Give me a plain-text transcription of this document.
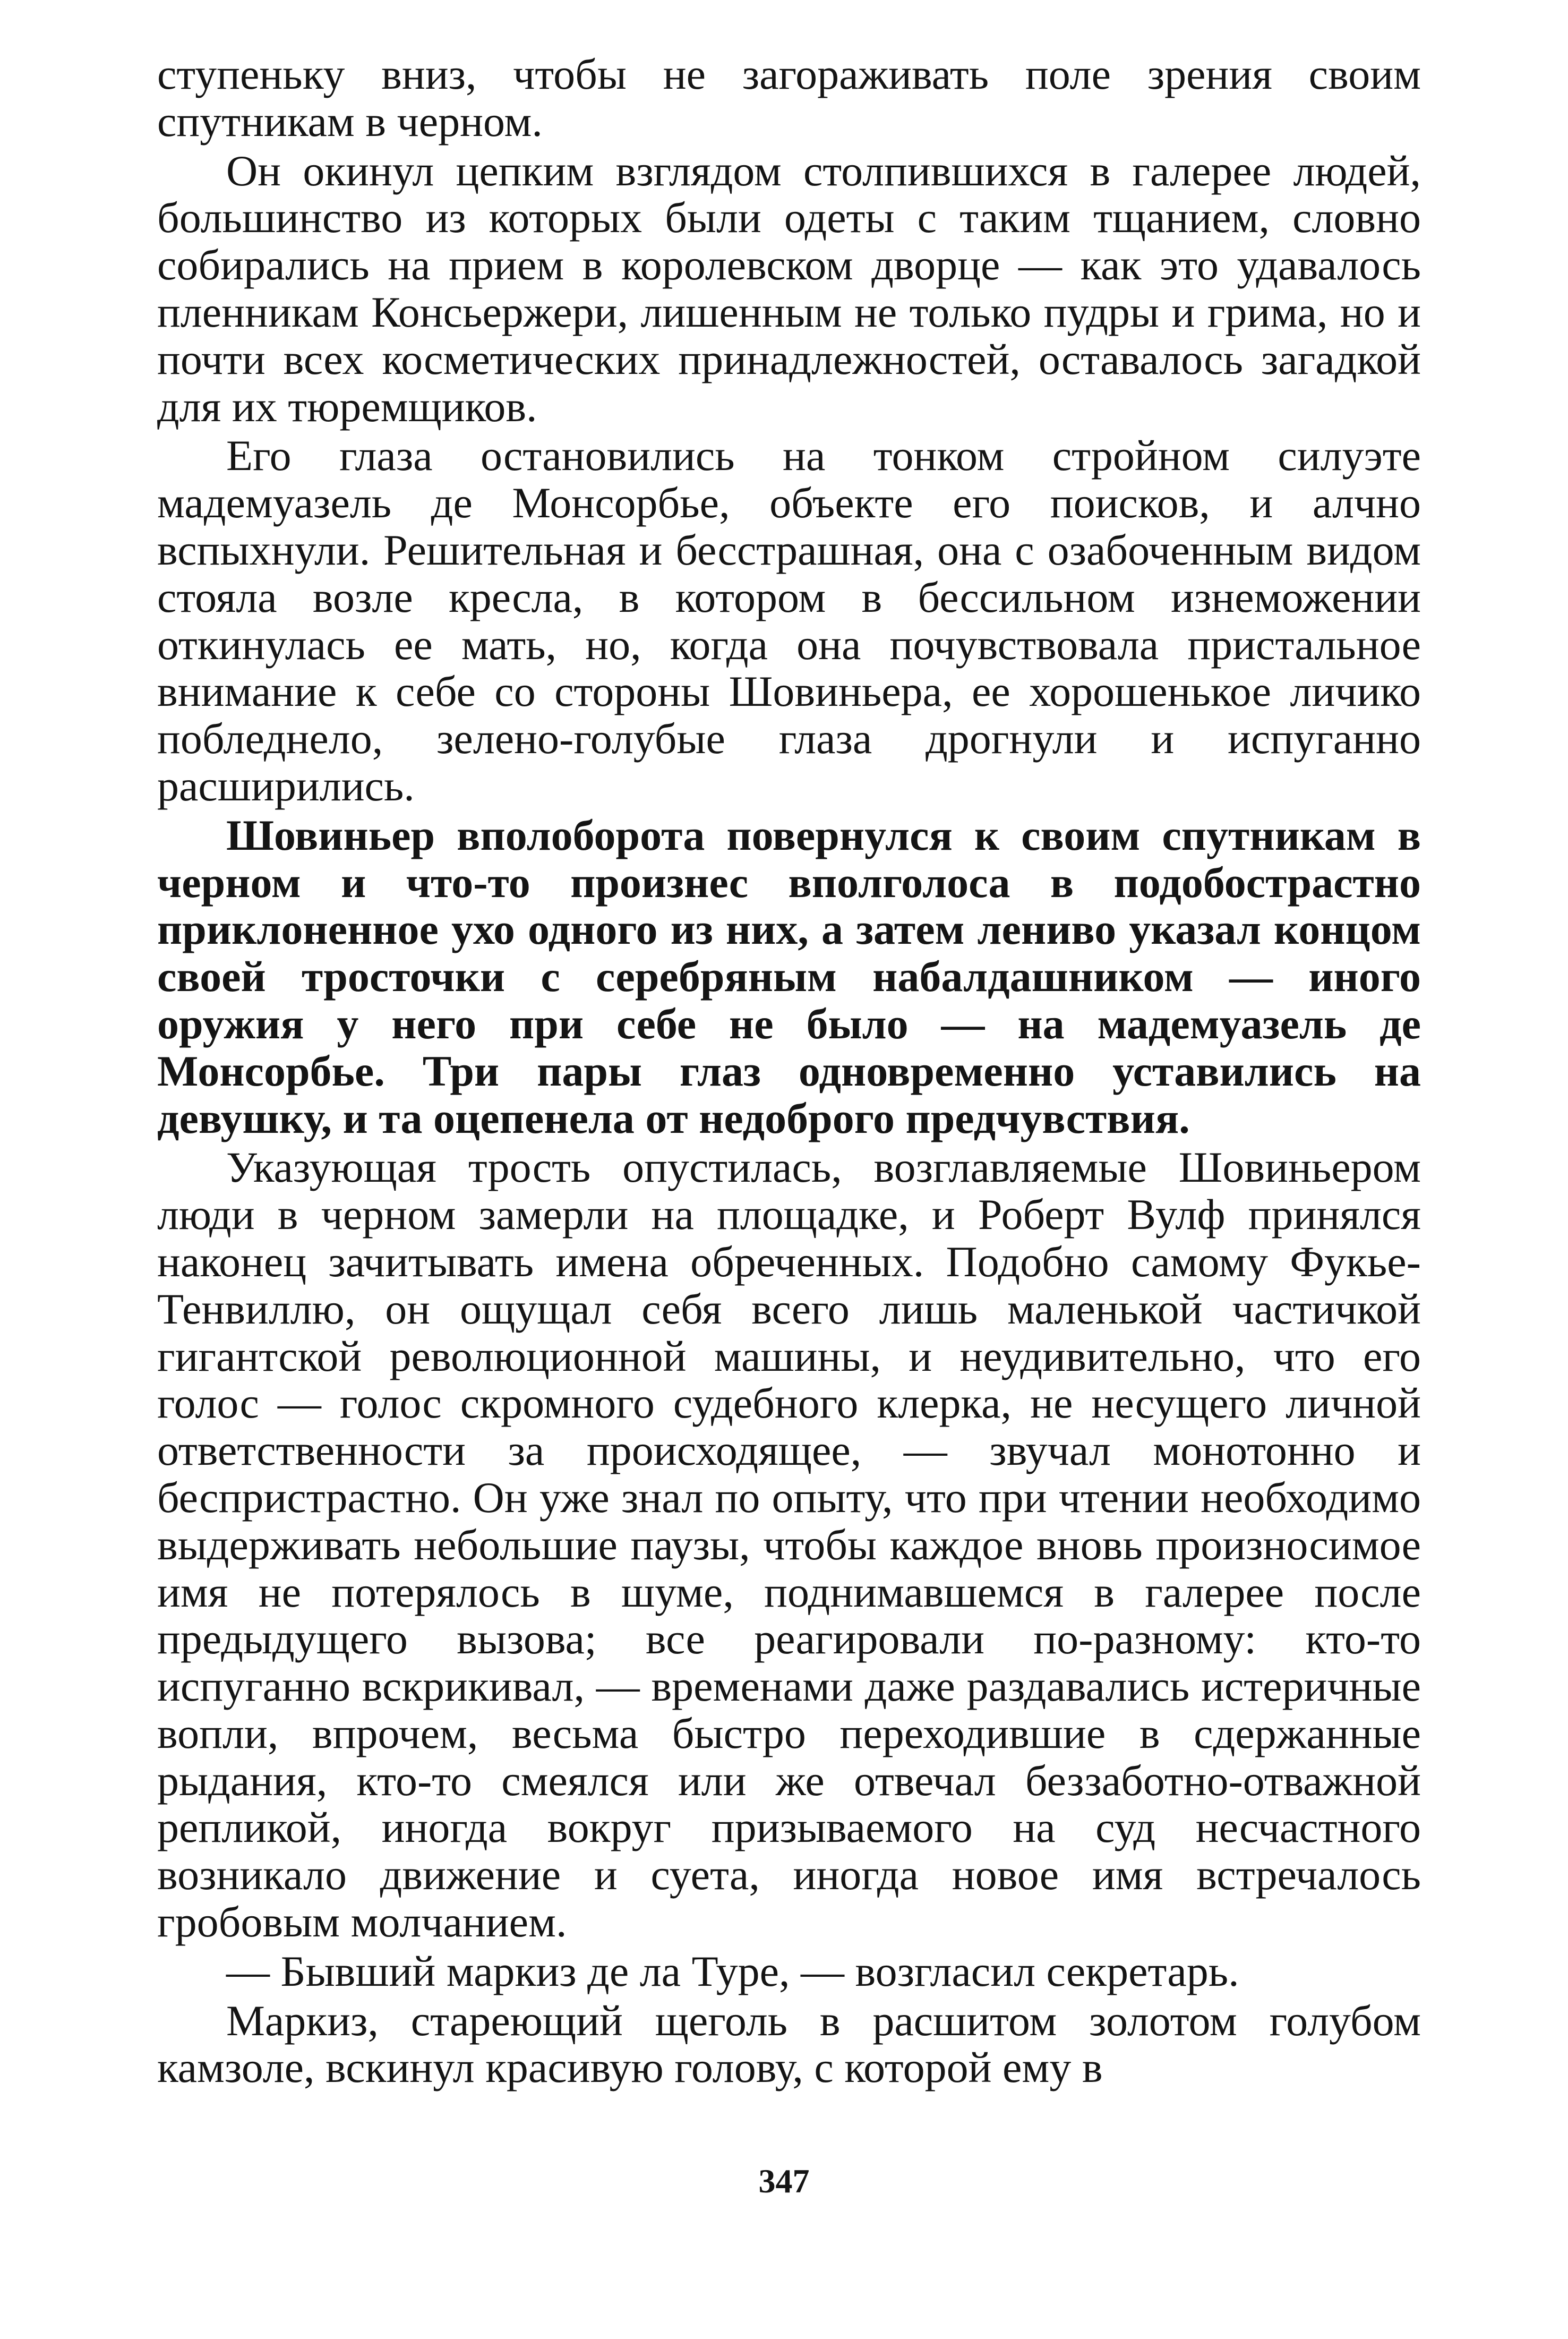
ступеньку вниз, чтобы не загораживать поле зрения своим спутникам в черном.

Он окинул цепким взглядом столпившихся в галерее людей, большинство из которых были одеты с таким тщанием, словно собирались на прием в королевском дворце — как это удавалось пленникам Консьержери, лишенным не только пудры и грима, но и почти всех косметических принадлежностей, оставалось загадкой для их тюремщиков.

Его глаза остановились на тонком стройном силуэте мадемуазель де Монсорбье, объекте его поисков, и алчно вспыхнули. Решительная и бесстрашная, она с озабоченным видом стояла возле кресла, в котором в бессильном изнеможении откинулась ее мать, но, когда она почувствовала пристальное внимание к себе со стороны Шовиньера, ее хорошенькое личико побледнело, зелено-голубые глаза дрогнули и испуганно расширились.

Шовиньер вполоборота повернулся к своим спутникам в черном и что-то произнес вполголоса в подобострастно приклоненное ухо одного из них, а затем лениво указал концом своей тросточки с серебряным набалдашником — иного оружия у него при себе не было — на мадемуазель де Монсорбье. Три пары глаз одновременно уставились на девушку, и та оцепенела от недоброго предчувствия.

Указующая трость опустилась, возглавляемые Шовиньером люди в черном замерли на площадке, и Роберт Вулф принялся наконец зачитывать имена обреченных. Подобно самому Фукье-Тенвиллю, он ощущал себя всего лишь маленькой частичкой гигантской революционной машины, и неудивительно, что его голос — голос скромного судебного клерка, не несущего личной ответственности за происходящее, — звучал монотонно и беспристрастно. Он уже знал по опыту, что при чтении необходимо выдерживать небольшие паузы, чтобы каждое вновь произносимое имя не потерялось в шуме, поднимавшемся в галерее после предыдущего вызова; все реагировали по-разному: кто-то испуганно вскрикивал, — временами даже раздавались истеричные вопли, впрочем, весьма быстро переходившие в сдержанные рыдания, кто-то смеялся или же отвечал беззаботно-отважной репликой, иногда вокруг призываемого на суд несчастного возникало движение и суета, иногда новое имя встречалось гробовым молчанием.

— Бывший маркиз де ла Туре, — возгласил секретарь.

Маркиз, стареющий щеголь в расшитом золотом голубом камзоле, вскинул красивую голову, с которой ему в

347
